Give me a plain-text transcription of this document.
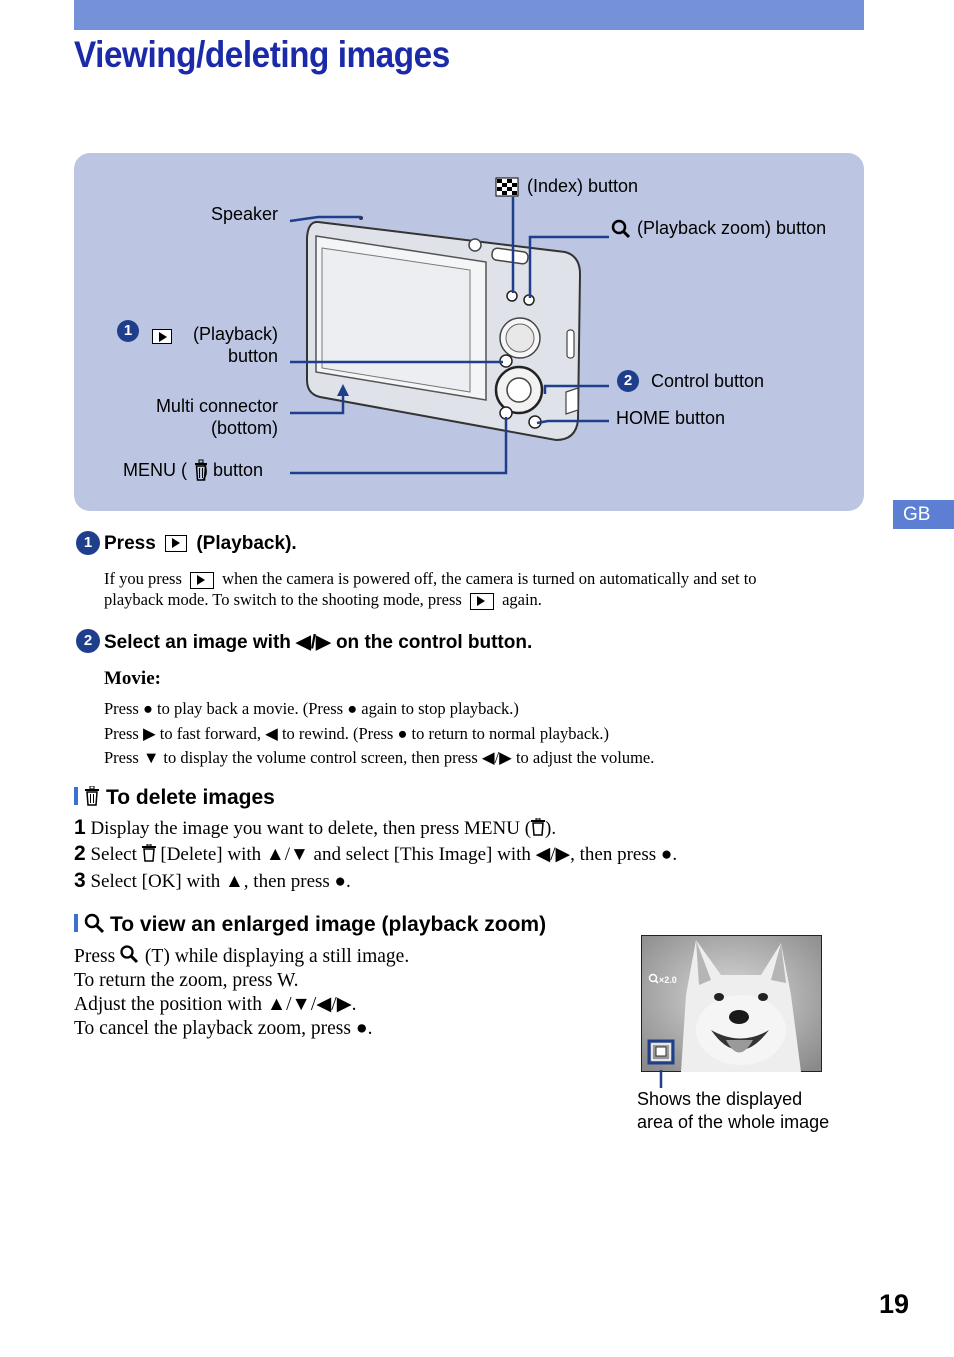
Viewing/deleting images
GB
Speaker
(Index) button
(Playback zoom) button
1	(Playback)
button
Multi connector
(bottom)
MENU ( ) button
2	Control button
HOME button
1 Press (Playback).
If you press when the camera is powered off, the camera is turned on automatically and set to
playback mode. To switch to the shooting mode, press again.
2 Select an image with ◀/▶ on the control button.
Movie:
Press ● to play back a movie. (Press ● again to stop playback.)
Press ▶ to fast forward, ◀ to rewind. (Press ● to return to normal playback.)
Press ▼ to display the volume control screen, then press ◀/▶ to adjust the volume.
To delete images
1 Display the image you want to delete, then press MENU ( ).
2 Select [Delete] with ▲/▼ and select [This Image] with ◀/▶, then press ●.
3 Select [OK] with ▲, then press ●.
To view an enlarged image (playback zoom)
Press (T) while displaying a still image.
To return the zoom, press W.
Adjust the position with ▲/▼/◀/▶.
To cancel the playback zoom, press ●.
×2.0
Shows the displayed
area of the whole image
19
